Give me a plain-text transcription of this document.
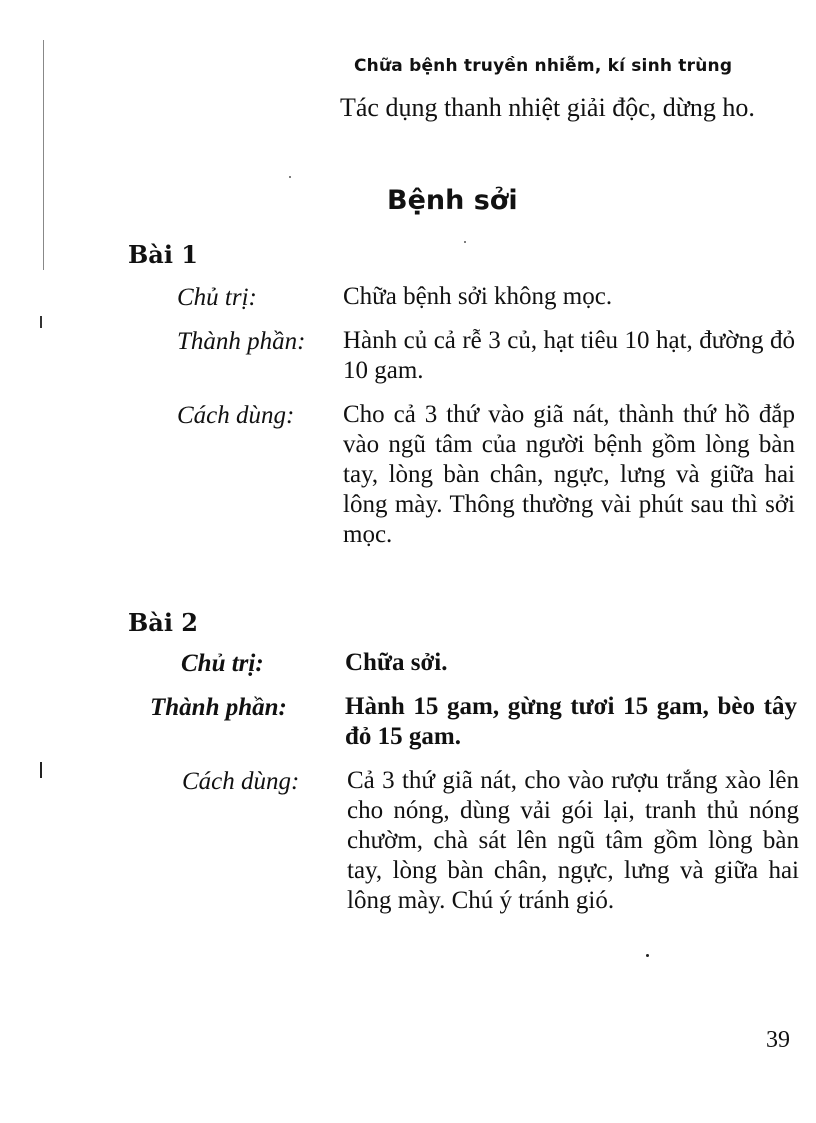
Chữa bệnh truyền nhiễm, kí sinh trùng
Tác dụng thanh nhiệt giải độc, dừng ho.
Bệnh sởi
Bài 1
Chủ trị:	Chữa bệnh sởi không mọc.
Thành phần: Hành củ cả rễ 3 củ, hạt tiêu 10 hạt, đường đỏ 10 gam.
Cách dùng: Cho cả 3 thứ vào giã nát, thành thứ hồ đắp vào ngũ tâm của người bệnh gồm lòng bàn tay, lòng bàn chân, ngực, lưng và giữa hai lông mày. Thông thường vài phút sau thì sởi mọc.
Bài 2
Chủ trị:	Chữa sởi.
Thành phần: Hành 15 gam, gừng tươi 15 gam, bèo tây đỏ 15 gam.
Cách dùng: Cả 3 thứ giã nát, cho vào rượu trắng xào lên cho nóng, dùng vải gói lại, tranh thủ nóng chườm, chà sát lên ngũ tâm gồm lòng bàn tay, lòng bàn chân, ngực, lưng và giữa hai lông mày. Chú ý tránh gió.
39
